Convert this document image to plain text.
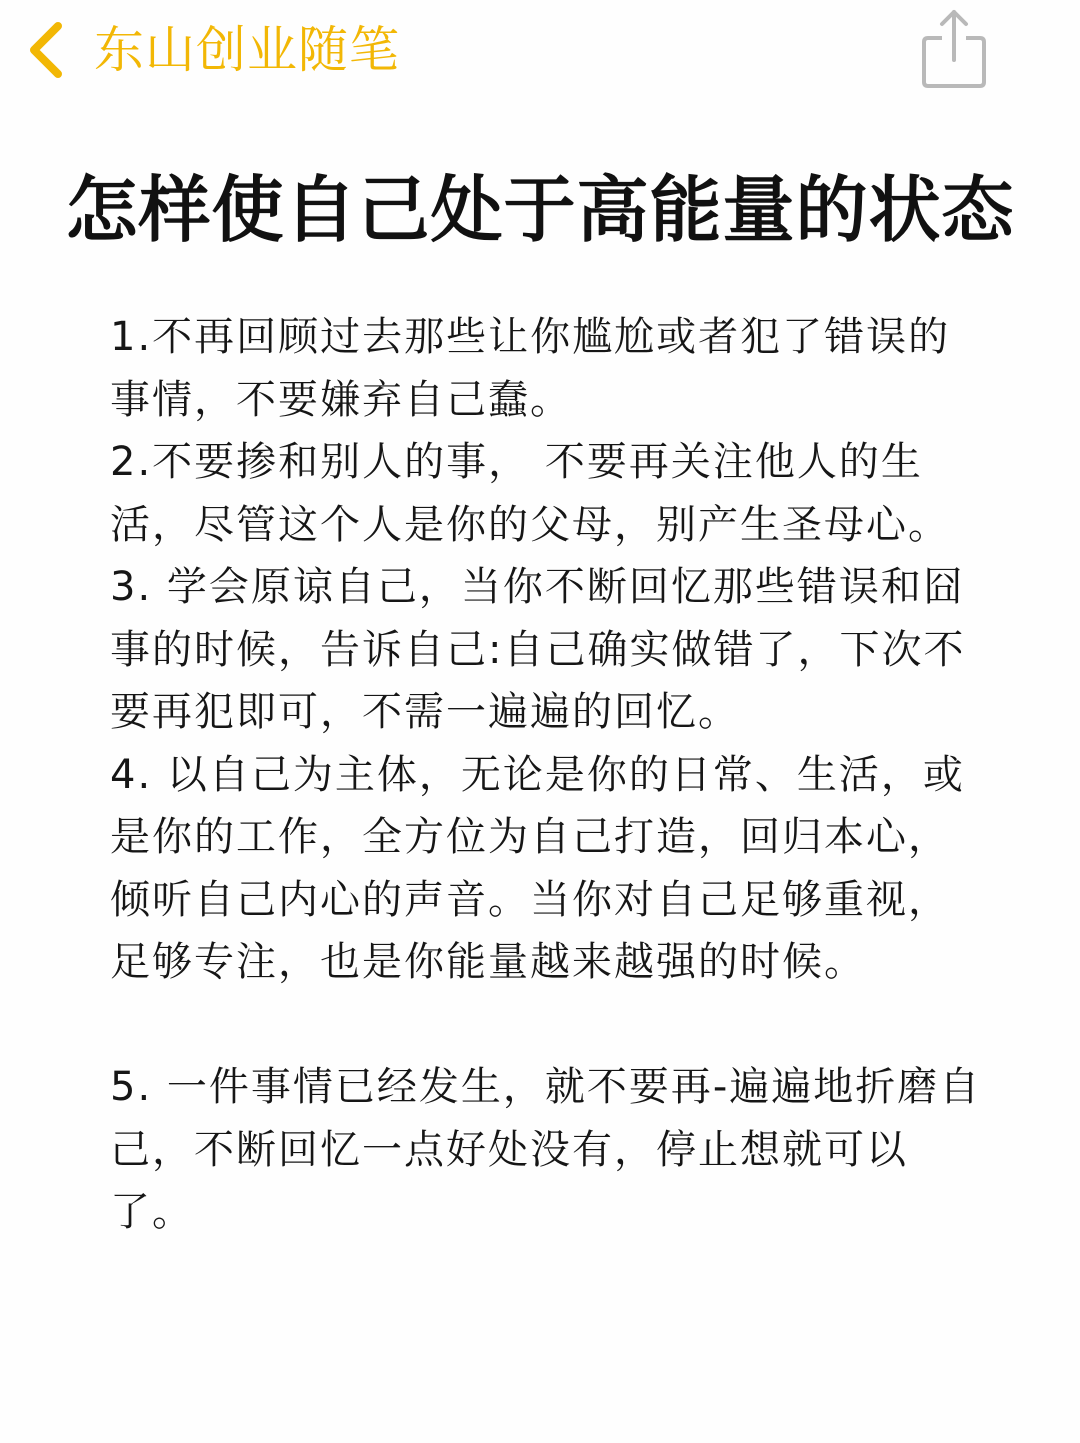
东山创业随笔
怎样使自己处于高能量的状态

1.不再回顾过去那些让你尴尬或者犯了错误的事情，不要嫌弃自己蠢。

2.不要掺和别人的事， 不要再关注他人的生活，尽管这个人是你的父母，别产生圣母心。

3. 学会原谅自己，当你不断回忆那些错误和囧事的时候，告诉自己:自己确实做错了，下次不要再犯即可，不需一遍遍的回忆。

4. 以自己为主体，无论是你的日常、生活，或是你的工作，全方位为自己打造，回归本心，倾听自己内心的声音。当你对自己足够重视，足够专注，也是你能量越来越强的时候。

5. 一件事情已经发生，就不要再-遍遍地折磨自己，不断回忆一点好处没有，停止想就可以了。
